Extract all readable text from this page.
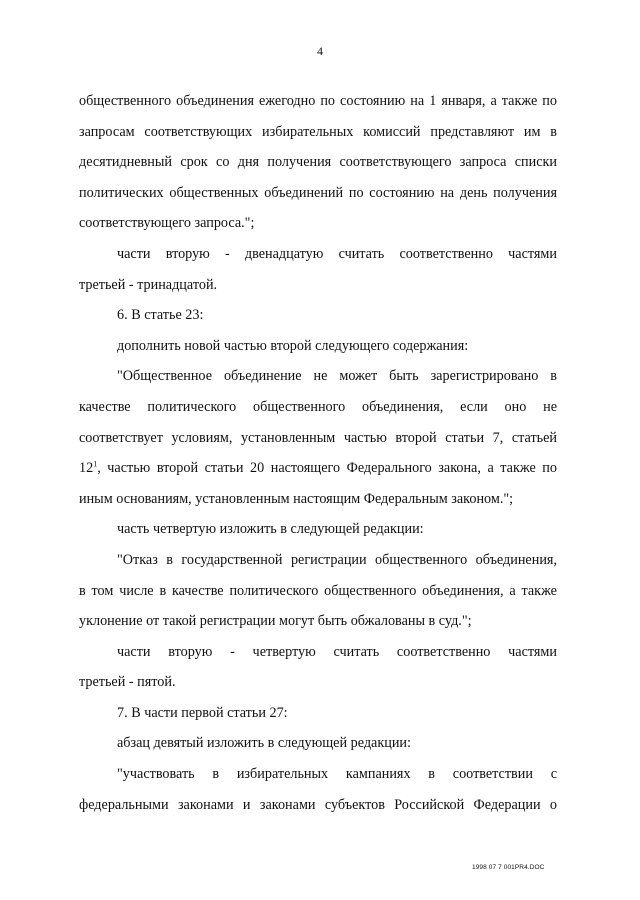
4

общественного объединения ежегодно по состоянию на 1 января, а также по

запросам соответствующих избирательных комиссий представляют им в

десятидневный срок со дня получения соответствующего запроса списки

политических общественных объединений по состоянию на день получения

соответствующего запроса.";

части вторую - двенадцатую считать соответственно частями

третьей - тринадцатой.

6. В статье 23:

дополнить новой частью второй следующего содержания:

"Общественное объединение не может быть зарегистрировано в

качестве политического общественного объединения, если оно не

соответствует условиям, установленным частью второй статьи 7, статьей

$12^1$, частью второй статьи 20 настоящего Федерального закона, а также по

иным основаниям, установленным настоящим Федеральным законом.";

часть четвертую изложить в следующей редакции:

"Отказ в государственной регистрации общественного объединения,

в том числе в качестве политического общественного объединения, а также

уклонение от такой регистрации могут быть обжалованы в суд.";

части вторую - четвертую считать соответственно частями

третьей - пятой.

7. В части первой статьи 27:

абзац девятый изложить в следующей редакции:

"участвовать в избирательных кампаниях в соответствии с

федеральными законами и законами субъектов Российской Федерации о

1998 07 7 001PR4.DOC
